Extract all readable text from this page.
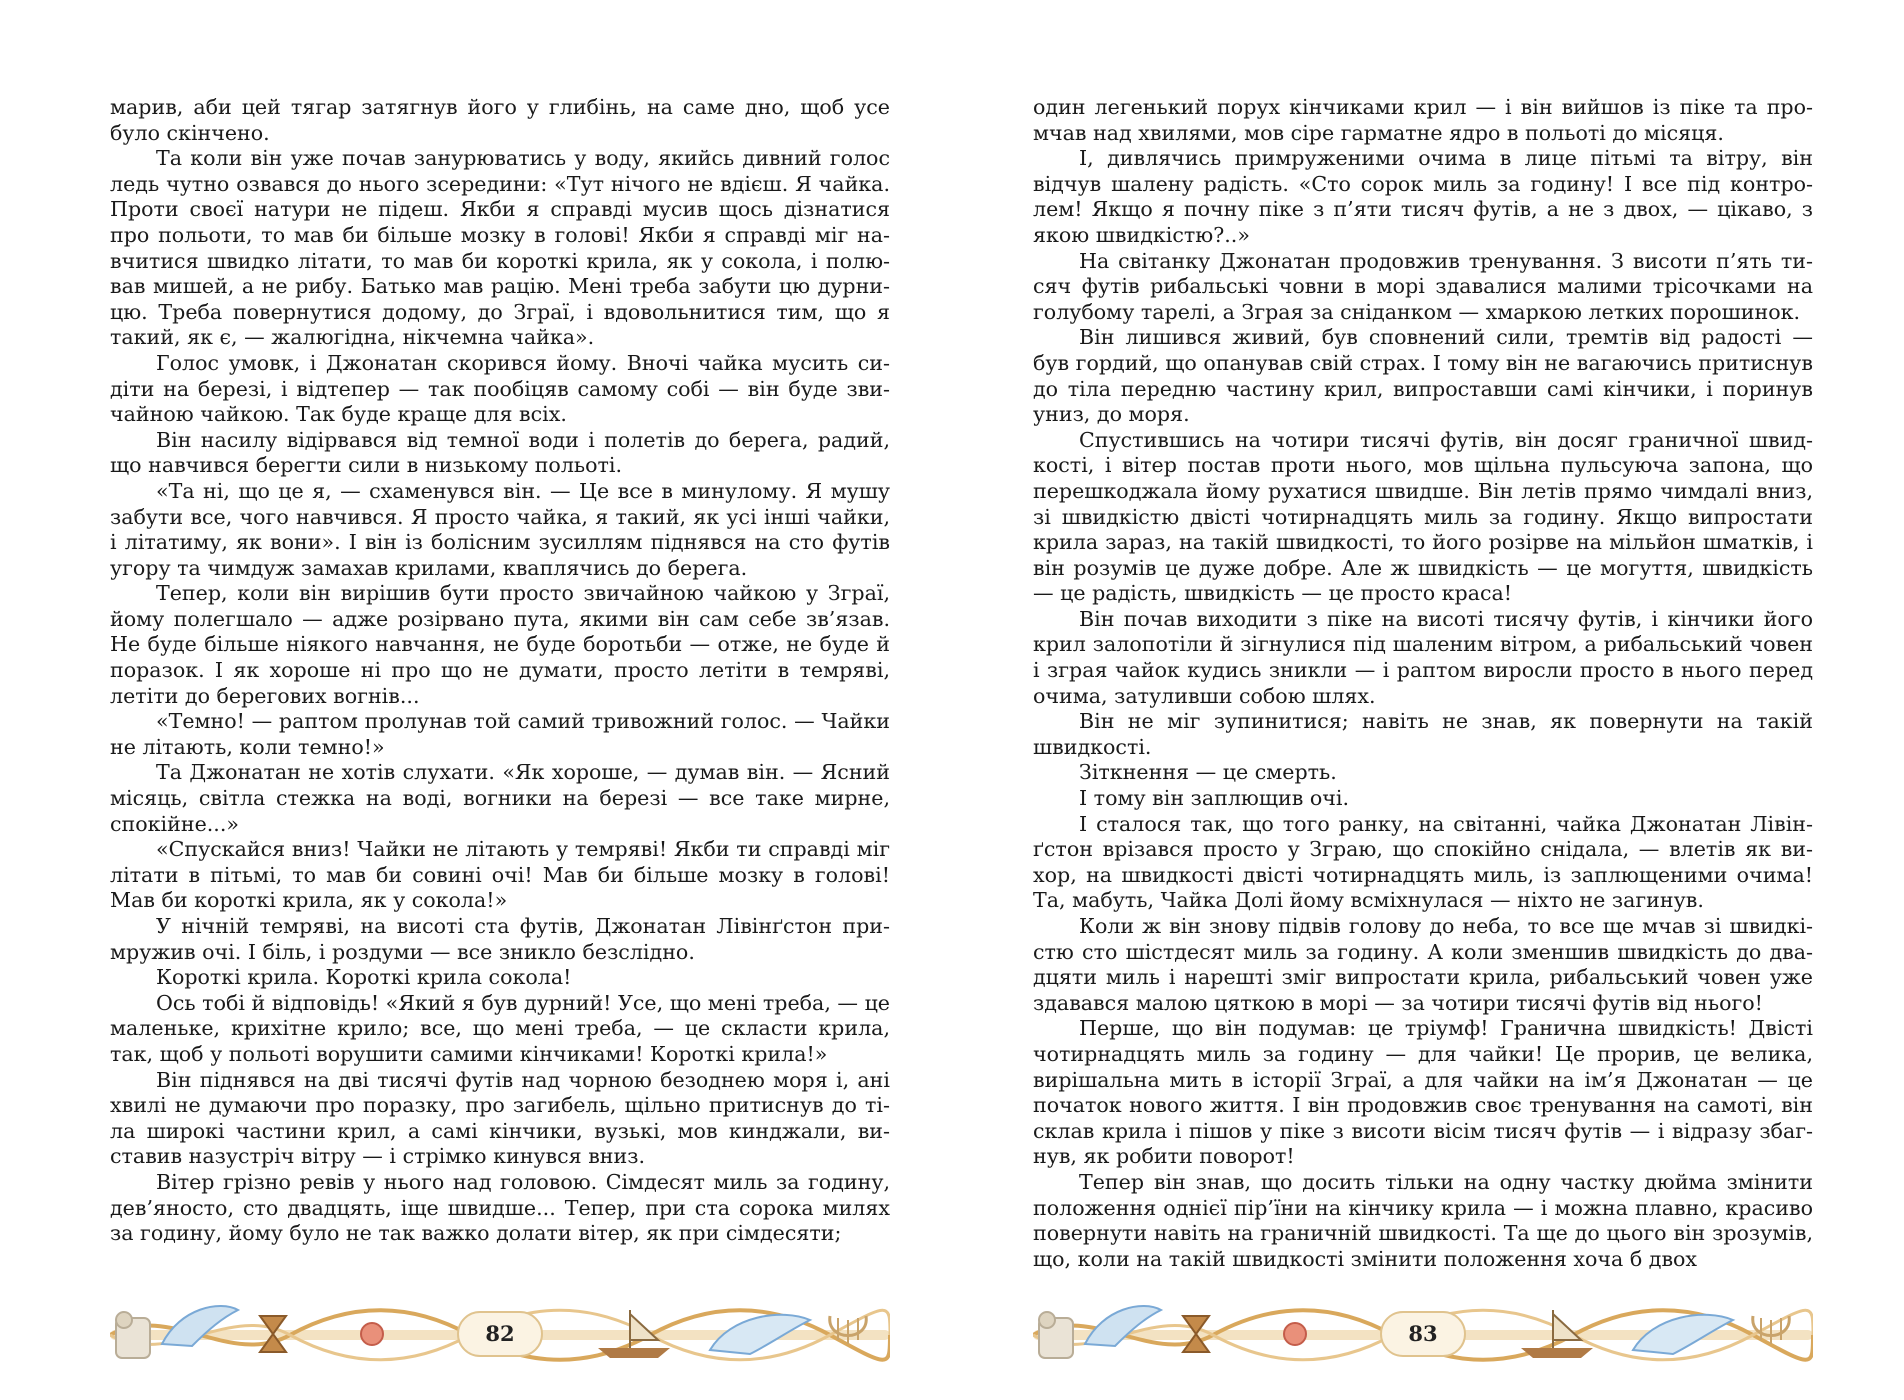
марив, аби цей тягар затягнув його у глибінь, на саме дно, щоб усе було скінчено.

Та коли він уже почав занурюватись у воду, якийсь дивний голос ледь чутно озвався до нього зсередини: «Тут нічого не вдієш. Я чайка. Проти своєї натури не підеш. Якби я справді мусив щось дізнатися про польоти, то мав би більше мозку в голові! Якби я справді міг навчитися швидко літати, то мав би короткі крила, як у сокола, і полював мишей, а не рибу. Батько мав рацію. Мені треба забути цю дурницю. Треба повернутися додому, до Зграї, і вдовольнитися тим, що я такий, як є, — жалюгідна, нікчемна чайка».

Голос умовк, і Джонатан скорився йому. Вночі чайка мусить сидіти на березі, і відтепер — так пообіцяв самому собі — він буде звичайною чайкою. Так буде краще для всіх.

Він насилу відірвався від темної води і полетів до берега, радий, що навчився берегти сили в низькому польоті.

«Та ні, що це я, — схаменувся він. — Це все в минулому. Я мушу забути все, чого навчився. Я просто чайка, я такий, як усі інші чайки, і літатиму, як вони». І він із болісним зусиллям піднявся на сто футів угору та чимдуж замахав крилами, кваплячись до берега.

Тепер, коли він вирішив бути просто звичайною чайкою у Зграї, йому полегшало — адже розірвано пута, якими він сам себе зв’язав. Не буде більше ніякого навчання, не буде боротьби — отже, не буде й поразок. І як хороше ні про що не думати, просто летіти в темряві, летіти до берегових вогнів...

«Темно! — раптом пролунав той самий тривожний голос. — Чайки не літають, коли темно!»

Та Джонатан не хотів слухати. «Як хороше, — думав він. — Ясний місяць, світла стежка на воді, вогники на березі — все таке мирне, спокійне...»

«Спускайся вниз! Чайки не літають у темряві! Якби ти справді міг літати в пітьмі, то мав би совині очі! Мав би більше мозку в голові! Мав би короткі крила, як у сокола!»

У нічній темряві, на висоті ста футів, Джонатан Лівінґстон примружив очі. І біль, і роздуми — все зникло безслідно.

Короткі крила. Короткі крила сокола!

Ось тобі й відповідь! «Який я був дурний! Усе, що мені треба, — це маленьке, крихітне крило; все, що мені треба, — це скласти крила, так, щоб у польоті ворушити самими кінчиками! Короткі крила!»

Він піднявся на дві тисячі футів над чорною безоднею моря і, ані хвилі не думаючи про поразку, про загибель, щільно притиснув до тіла широкі частини крил, а самі кінчики, вузькі, мов кинджали, виставив назустріч вітру — і стрімко кинувся вниз.

Вітер грізно ревів у нього над головою. Сімдесят миль за годину, дев’яносто, сто двадцять, іще швидше... Тепер, при ста сорока милях за годину, йому було не так важко долати вітер, як при сімдесяти;

82

один легенький порух кінчиками крил — і він вийшов із піке та промчав над хвилями, мов сіре гарматне ядро в польоті до місяця.

І, дивлячись примруженими очима в лице пітьмі та вітру, він відчув шалену радість. «Сто сорок миль за годину! І все під контролем! Якщо я почну піке з п’яти тисяч футів, а не з двох, — цікаво, з якою швидкістю?..»

На світанку Джонатан продовжив тренування. З висоти п’ять тисяч футів рибальські човни в морі здавалися малими трісочками на голубому тарелі, а Зграя за сніданком — хмаркою летких порошинок.

Він лишився живий, був сповнений сили, тремтів від радості — був гордий, що опанував свій страх. І тому він не вагаючись притиснув до тіла передню частину крил, випроставши самі кінчики, і поринув униз, до моря.

Спустившись на чотири тисячі футів, він досяг граничної швидкості, і вітер постав проти нього, мов щільна пульсуюча запона, що перешкоджала йому рухатися швидше. Він летів прямо чимдалі вниз, зі швидкістю двісті чотирнадцять миль за годину. Якщо випростати крила зараз, на такій швидкості, то його розірве на мільйон шматків, і він розумів це дуже добре. Але ж швидкість — це могуття, швидкість — це радість, швидкість — це просто краса!

Він почав виходити з піке на висоті тисячу футів, і кінчики його крил залопотіли й зігнулися під шаленим вітром, а рибальський човен і зграя чайок кудись зникли — і раптом виросли просто в нього перед очима, затуливши собою шлях.

Він не міг зупинитися; навіть не знав, як повернути на такій швидкості.

Зіткнення — це смерть.

І тому він заплющив очі.

І сталося так, що того ранку, на світанні, чайка Джонатан Лівінґстон врізався просто у Зграю, що спокійно снідала, — влетів як вихор, на швидкості двісті чотирнадцять миль, із заплющеними очима! Та, мабуть, Чайка Долі йому всміхнулася — ніхто не загинув.

Коли ж він знову підвів голову до неба, то все ще мчав зі швидкістю сто шістдесят миль за годину. А коли зменшив швидкість до двадцяти миль і нарешті зміг випростати крила, рибальський човен уже здавався малою цяткою в морі — за чотири тисячі футів від нього!

Перше, що він подумав: це тріумф! Гранична швидкість! Двісті чотирнадцять миль за годину — для чайки! Це прорив, це велика, вирішальна мить в історії Зграї, а для чайки на ім’я Джонатан — це початок нового життя. І він продовжив своє тренування на самоті, він склав крила і пішов у піке з висоти вісім тисяч футів — і відразу збагнув, як робити поворот!

Тепер він знав, що досить тільки на одну частку дюйма змінити положення однієї пір’їни на кінчику крила — і можна плавно, красиво повернути навіть на граничній швидкості. Та ще до цього він зрозумів, що, коли на такій швидкості змінити положення хоча б двох

83
